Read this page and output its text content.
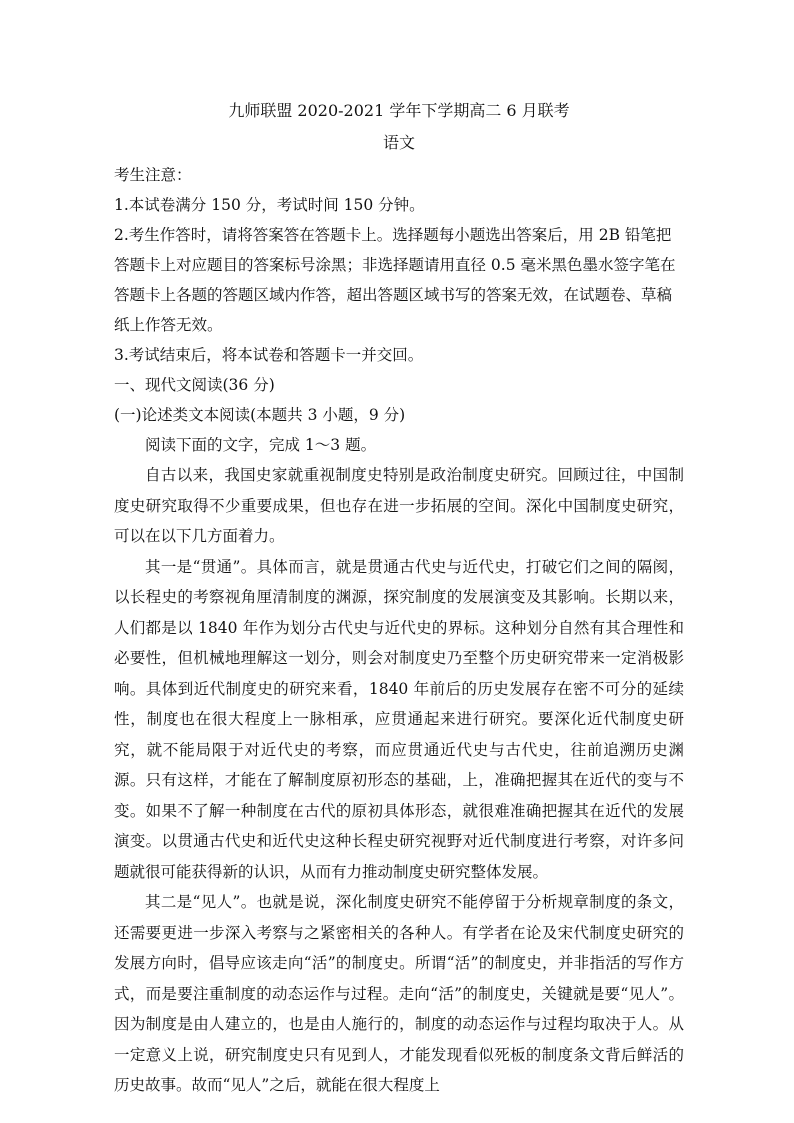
九师联盟 2020-2021 学年下学期高二 6 月联考
语文
考生注意：
1.本试卷满分 150 分，考试时间 150 分钟。
2.考生作答时，请将答案答在答题卡上。选择题每小题选出答案后，用 2B 铅笔把答题卡上对应题目的答案标号涂黑；非选择题请用直径 0.5 毫米黑色墨水签字笔在答题卡上各题的答题区域内作答，超出答题区域书写的答案无效，在试题卷、草稿纸上作答无效。
3.考试结束后，将本试卷和答题卡一并交回。
一、现代文阅读(36 分)
(一)论述类文本阅读(本题共 3 小题，9 分)
阅读下面的文字，完成 1～3 题。

自古以来，我国史家就重视制度史特别是政治制度史研究。回顾过往，中国制度史研究取得不少重要成果，但也存在进一步拓展的空间。深化中国制度史研究，可以在以下几方面着力。

其一是“贯通”。具体而言，就是贯通古代史与近代史，打破它们之间的隔阂，以长程史的考察视角厘清制度的渊源，探究制度的发展演变及其影响。长期以来，人们都是以 1840 年作为划分古代史与近代史的界标。这种划分自然有其合理性和必要性，但机械地理解这一划分，则会对制度史乃至整个历史研究带来一定消极影响。具体到近代制度史的研究来看，1840 年前后的历史发展存在密不可分的延续性，制度也在很大程度上一脉相承，应贯通起来进行研究。要深化近代制度史研究，就不能局限于对近代史的考察，而应贯通近代史与古代史，往前追溯历史渊源。只有这样，才能在了解制度原初形态的基础，上，准确把握其在近代的变与不变。如果不了解一种制度在古代的原初具体形态，就很难准确把握其在近代的发展演变。以贯通古代史和近代史这种长程史研究视野对近代制度进行考察，对许多问题就很可能获得新的认识，从而有力推动制度史研究整体发展。

其二是“见人”。也就是说，深化制度史研究不能停留于分析规章制度的条文，还需要更进一步深入考察与之紧密相关的各种人。有学者在论及宋代制度史研究的发展方向时，倡导应该走向“活”的制度史。所谓“活”的制度史，并非指活的写作方式，而是要注重制度的动态运作与过程。走向“活”的制度史，关键就是要“见人”。因为制度是由人建立的，也是由人施行的，制度的动态运作与过程均取决于人。从一定意义上说，研究制度史只有见到人，才能发现看似死板的制度条文背后鲜活的历史故事。故而“见人”之后，就能在很大程度上
